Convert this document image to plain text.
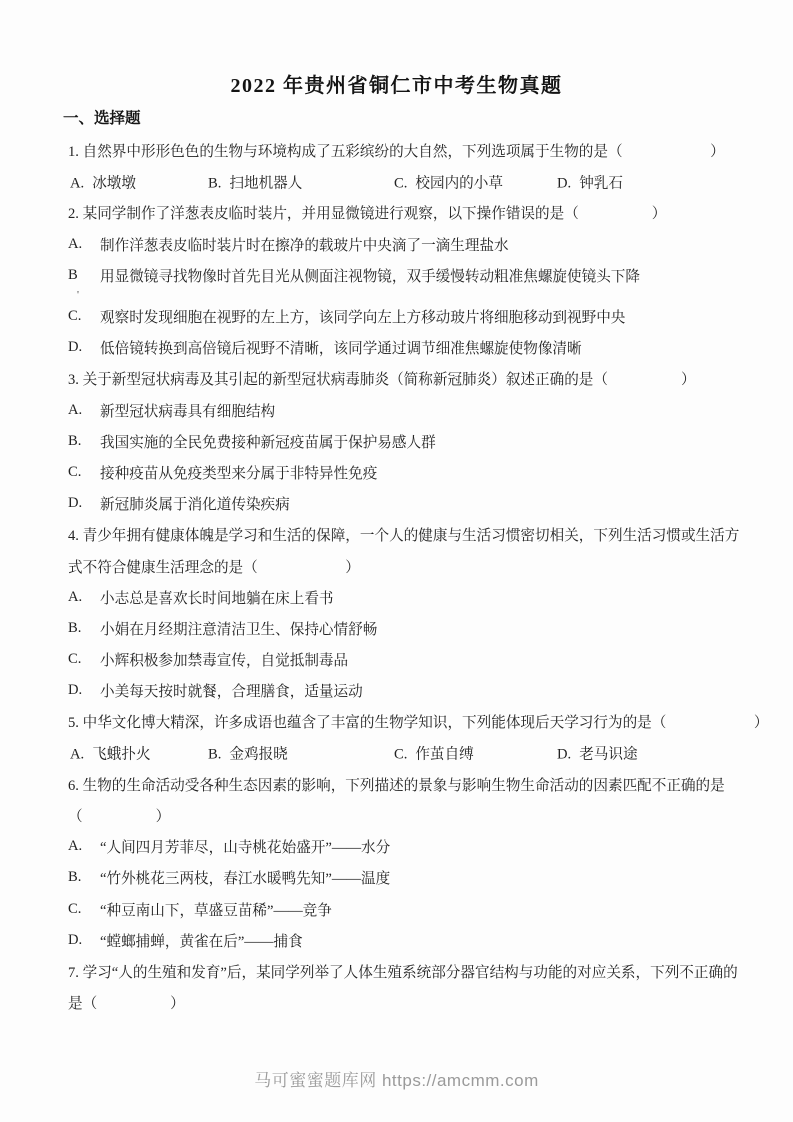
2022 年贵州省铜仁市中考生物真题
一、选择题
1. 自然界中形形色色的生物与环境构成了五彩缤纷的大自然，下列选项属于生物的是（　　　　　　）
A. 冰墩墩	B. 扫地机器人	C. 校园内的小草	D. 钟乳石
2. 某同学制作了洋葱表皮临时装片，并用显微镜进行观察，以下操作错误的是（　　　　　）
A.	制作洋葱表皮临时装片时在擦净的载玻片中央滴了一滴生理盐水
B	用显微镜寻找物像时首先目光从侧面注视物镜，双手缓慢转动粗准焦螺旋使镜头下降
'
C.	观察时发现细胞在视野的左上方，该同学向左上方移动玻片将细胞移动到视野中央
D.	低倍镜转换到高倍镜后视野不清晰，该同学通过调节细准焦螺旋使物像清晰
3. 关于新型冠状病毒及其引起的新型冠状病毒肺炎（简称新冠肺炎）叙述正确的是（　　　　　）
A.	新型冠状病毒具有细胞结构
B.	我国实施的全民免费接种新冠疫苗属于保护易感人群
C.	接种疫苗从免疫类型来分属于非特异性免疫
D.	新冠肺炎属于消化道传染疾病
4. 青少年拥有健康体魄是学习和生活的保障，一个人的健康与生活习惯密切相关，下列生活习惯或生活方
式不符合健康生活理念的是（　　　　　　）
A.	小志总是喜欢长时间地躺在床上看书
B.	小娟在月经期注意清洁卫生、保持心情舒畅
C.	小辉积极参加禁毒宣传，自觉抵制毒品
D.	小美每天按时就餐，合理膳食，适量运动
5. 中华文化博大精深，许多成语也蕴含了丰富的生物学知识，下列能体现后天学习行为的是（　　　　　　）
A. 飞蛾扑火	B. 金鸡报晓	C. 作茧自缚	D. 老马识途
6. 生物的生命活动受各种生态因素的影响，下列描述的景象与影响生物生命活动的因素匹配不正确的是
（　　　　　）
A.	“人间四月芳菲尽，山寺桃花始盛开”——水分
B.	“竹外桃花三两枝，春江水暖鸭先知”——温度
C.	“种豆南山下，草盛豆苗稀”——竞争
D.	“螳螂捕蝉，黄雀在后”——捕食
7. 学习“人的生殖和发育”后，某同学列举了人体生殖系统部分器官结构与功能的对应关系，下列不正确的
是（　　　　　）
马可蜜蜜题库网 https://amcmm.com
